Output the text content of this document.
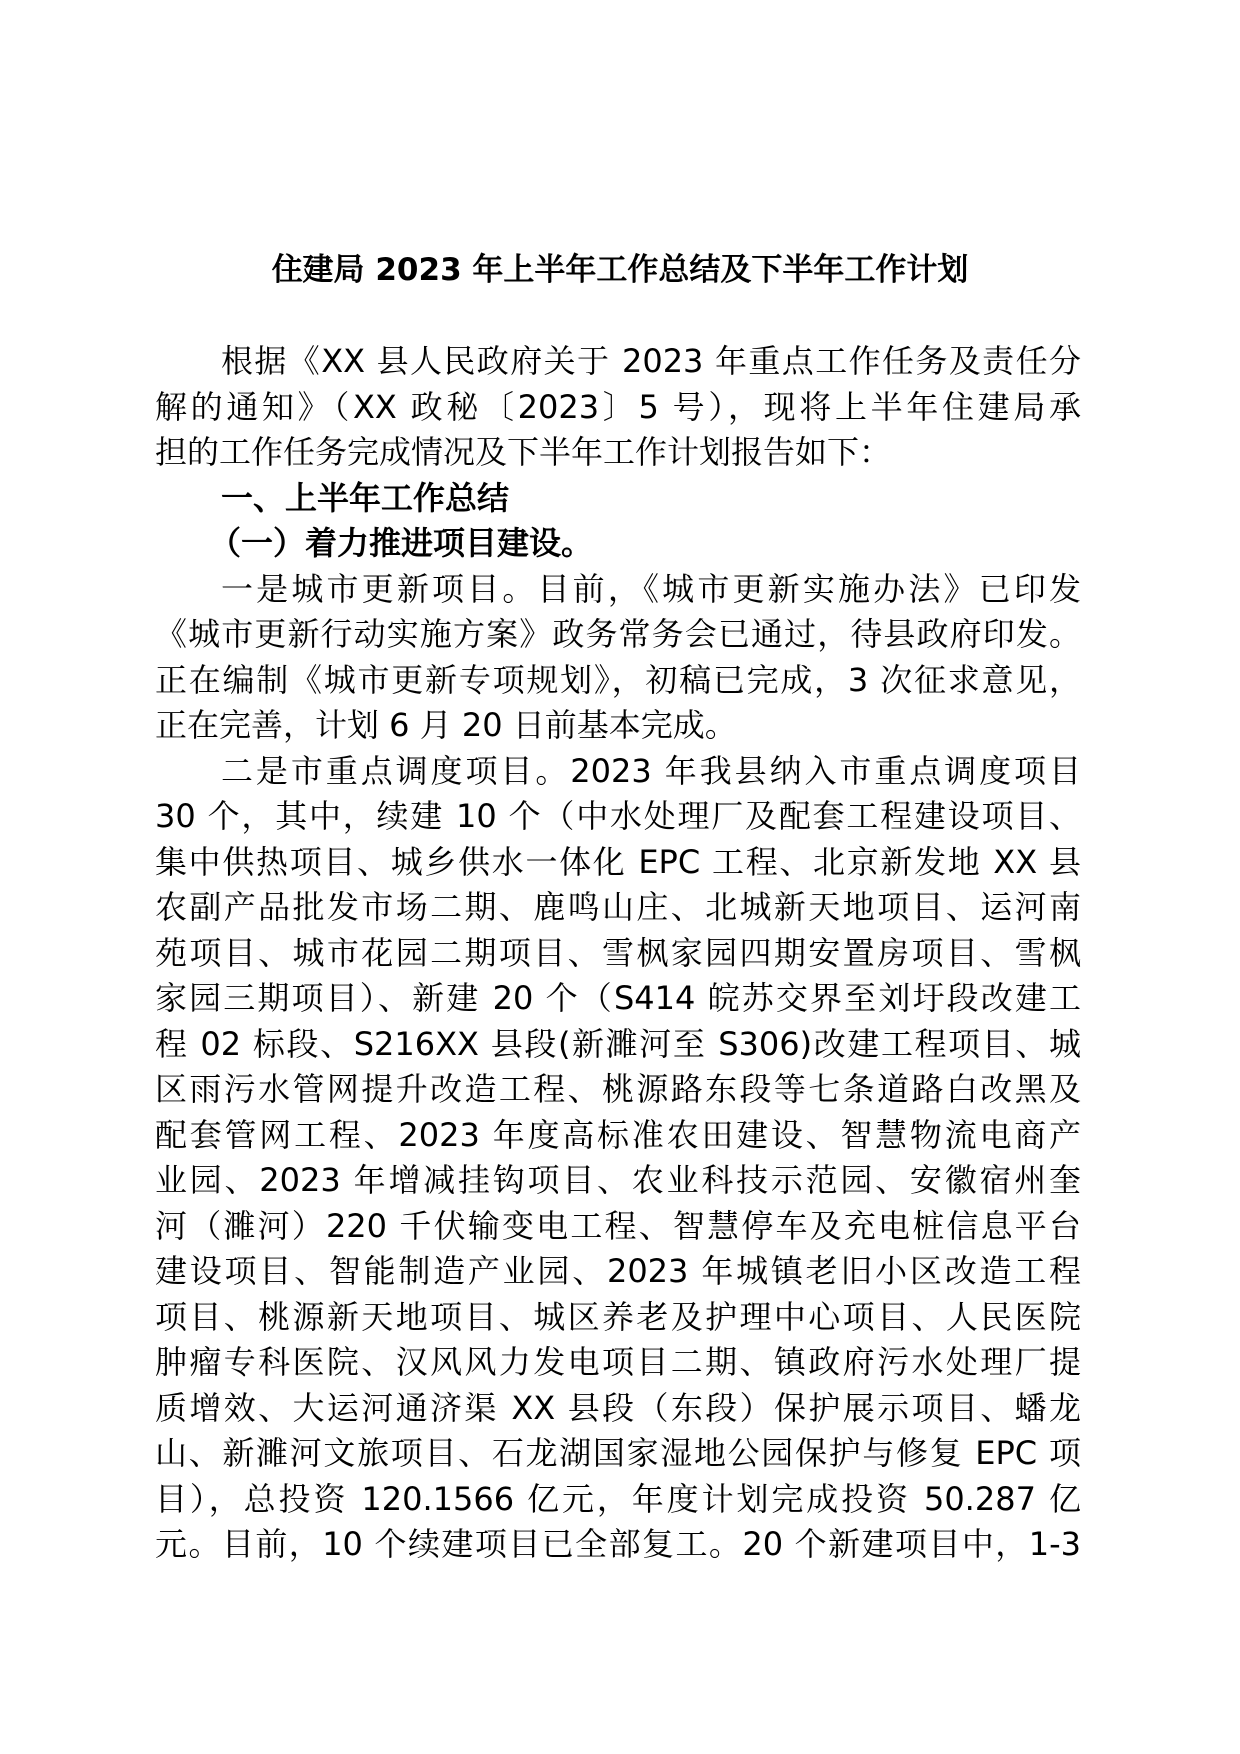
住建局 2023 年上半年工作总结及下半年工作计划
根据《XX 县人民政府关于 2023 年重点工作任务及责任分
解的通知》（XX 政秘〔2023〕5 号），现将上半年住建局承
担的工作任务完成情况及下半年工作计划报告如下：
一、上半年工作总结
（一）着力推进项目建设。
一是城市更新项目。目前，《城市更新实施办法》已印发
《城市更新行动实施方案》政务常务会已通过，待县政府印发。
正在编制《城市更新专项规划》，初稿已完成，3 次征求意见，
正在完善，计划 6 月 20 日前基本完成。
二是市重点调度项目。2023 年我县纳入市重点调度项目
30 个，其中，续建 10 个（中水处理厂及配套工程建设项目、
集中供热项目、城乡供水一体化 EPC 工程、北京新发地 XX 县
农副产品批发市场二期、鹿鸣山庄、北城新天地项目、运河南
苑项目、城市花园二期项目、雪枫家园四期安置房项目、雪枫
家园三期项目）、新建 20 个（S414 皖苏交界至刘圩段改建工
程 02 标段、S216XX 县段(新濉河至 S306)改建工程项目、城
区雨污水管网提升改造工程、桃源路东段等七条道路白改黑及
配套管网工程、2023 年度高标准农田建设、智慧物流电商产
业园、2023 年增减挂钩项目、农业科技示范园、安徽宿州奎
河（濉河）220 千伏输变电工程、智慧停车及充电桩信息平台
建设项目、智能制造产业园、2023 年城镇老旧小区改造工程
项目、桃源新天地项目、城区养老及护理中心项目、人民医院
肿瘤专科医院、汉风风力发电项目二期、镇政府污水处理厂提
质增效、大运河通济渠 XX 县段（东段）保护展示项目、蟠龙
山、新濉河文旅项目、石龙湖国家湿地公园保护与修复 EPC 项
目），总投资 120.1566 亿元，年度计划完成投资 50.287 亿
元。目前，10 个续建项目已全部复工。20 个新建项目中，1-3
